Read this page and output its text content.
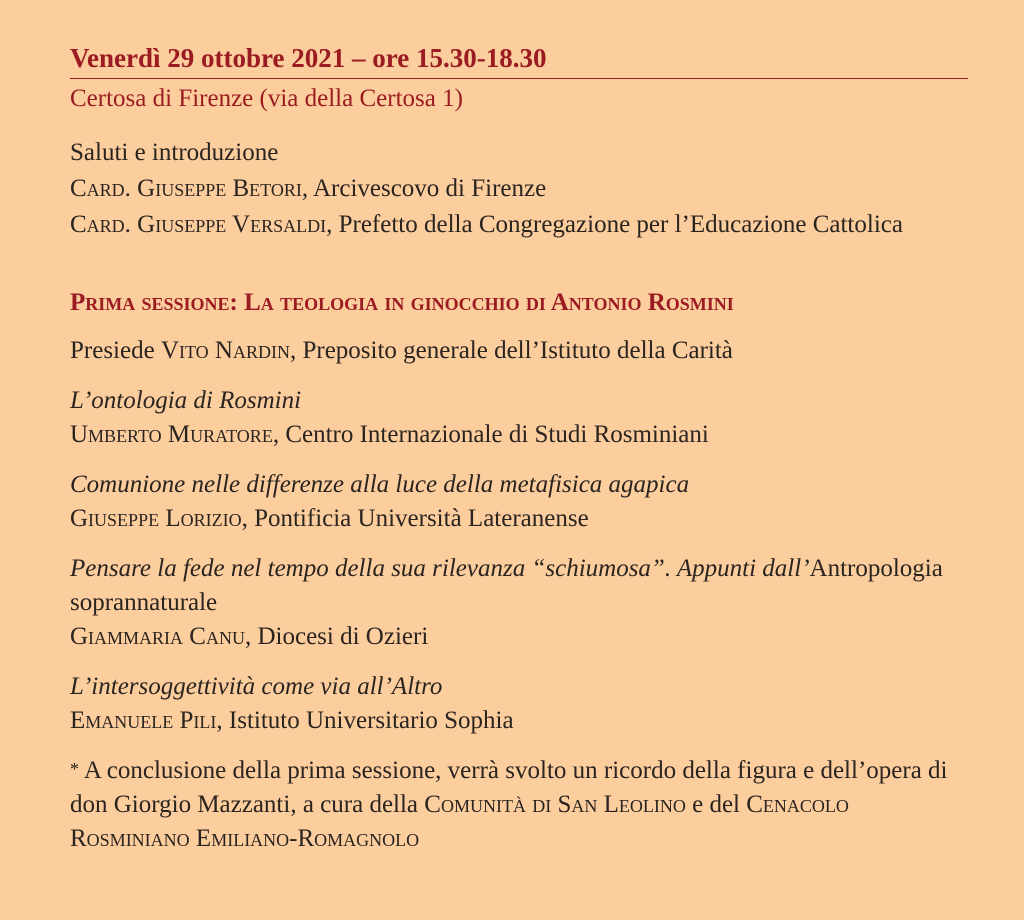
Venerdì 29 ottobre 2021 – ore 15.30-18.30
Certosa di Firenze (via della Certosa 1)
Saluti e introduzione
Card. Giuseppe Betori, Arcivescovo di Firenze
Card. Giuseppe Versaldi, Prefetto della Congregazione per l’Educazione Cattolica
Prima sessione: La teologia in ginocchio di Antonio Rosmini
Presiede Vito Nardin, Preposito generale dell’Istituto della Carità
L’ontologia di Rosmini
Umberto Muratore, Centro Internazionale di Studi Rosminiani
Comunione nelle differenze alla luce della metafisica agapica
Giuseppe Lorizio, Pontificia Università Lateranense
Pensare la fede nel tempo della sua rilevanza “schiumosa”. Appunti dall’Antropologia soprannaturale
Giammaria Canu, Diocesi di Ozieri
L’intersoggettività come via all’Altro
Emanuele Pili, Istituto Universitario Sophia
* A conclusione della prima sessione, verrà svolto un ricordo della figura e dell’opera di don Giorgio Mazzanti, a cura della Comunità di San Leolino e del Cenacolo Rosminiano Emiliano-Romagnolo
